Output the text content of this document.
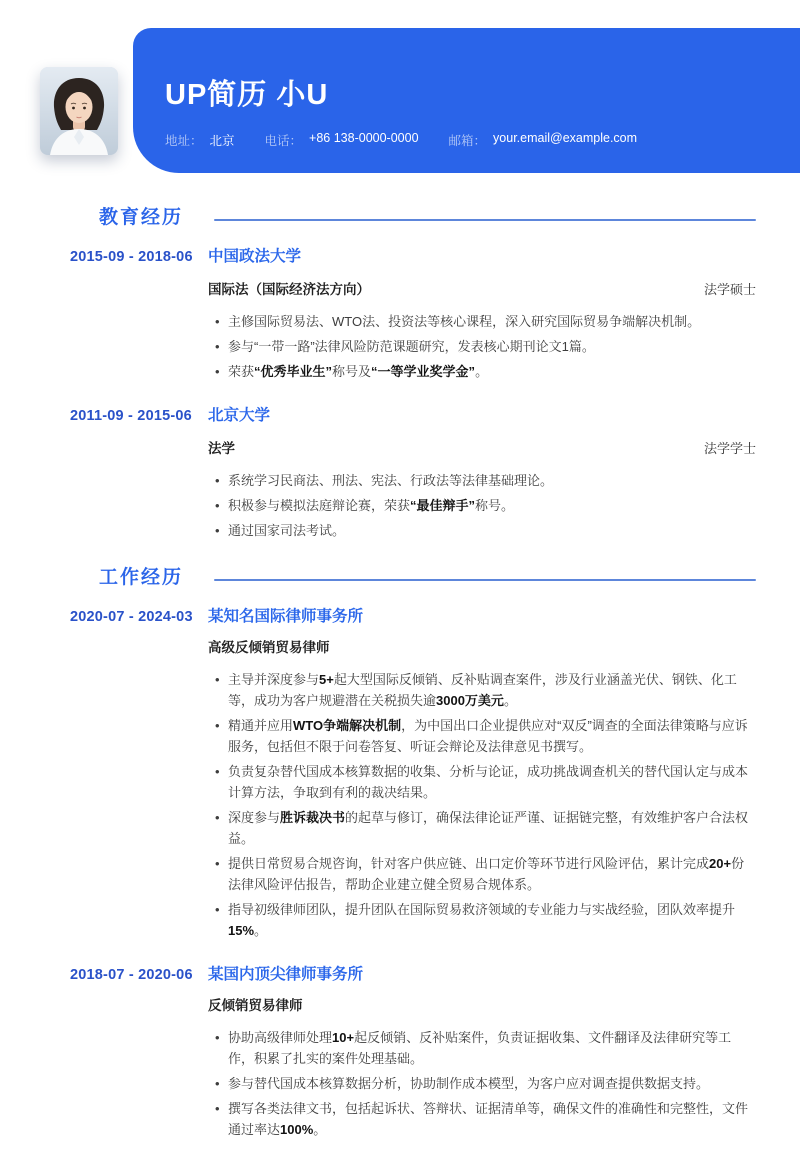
UP简历 小U
地址： 北京 电话： +86 138-0000-0000 邮箱： your.email@example.com
教育经历
2015-09 - 2018-06 中国政法大学
国际法（国际经济法方向）	法学硕士
• 主修国际贸易法、WTO法、投资法等核心课程，深入研究国际贸易争端解决机制。
• 参与“一带一路”法律风险防范课题研究，发表核心期刊论文1篇。
• 荣获“优秀毕业生”称号及“一等学业奖学金”。
2011-09 - 2015-06	北京大学
法学	法学学士
• 系统学习民商法、刑法、宪法、行政法等法律基础理论。
• 积极参与模拟法庭辩论赛，荣获“最佳辩手”称号。
• 通过国家司法考试。
工作经历
2020-07 - 2024-03 某知名国际律师事务所
高级反倾销贸易律师
• 主导并深度参与5+起大型国际反倾销、反补贴调查案件，涉及行业涵盖光伏、钢铁、化工等，成功为客户规避潜在关税损失逾3000万美元。
• 精通并应用WTO争端解决机制，为中国出口企业提供应对“双反”调查的全面法律策略与应诉服务，包括但不限于问卷答复、听证会辩论及法律意见书撰写。
• 负责复杂替代国成本核算数据的收集、分析与论证，成功挑战调查机关的替代国认定与成本计算方法，争取到有利的裁决结果。
• 深度参与胜诉裁决书的起草与修订，确保法律论证严谨、证据链完整，有效维护客户合法权益。
• 提供日常贸易合规咨询，针对客户供应链、出口定价等环节进行风险评估，累计完成20+份法律风险评估报告，帮助企业建立健全贸易合规体系。
• 指导初级律师团队，提升团队在国际贸易救济领域的专业能力与实战经验，团队效率提升15%。
2018-07 - 2020-06 某国内顶尖律师事务所
反倾销贸易律师
• 协助高级律师处理10+起反倾销、反补贴案件，负责证据收集、文件翻译及法律研究等工作，积累了扎实的案件处理基础。
• 参与替代国成本核算数据分析，协助制作成本模型，为客户应对调查提供数据支持。
• 撰写各类法律文书，包括起诉状、答辩状、证据清单等，确保文件的准确性和完整性，文件通过率达100%。
